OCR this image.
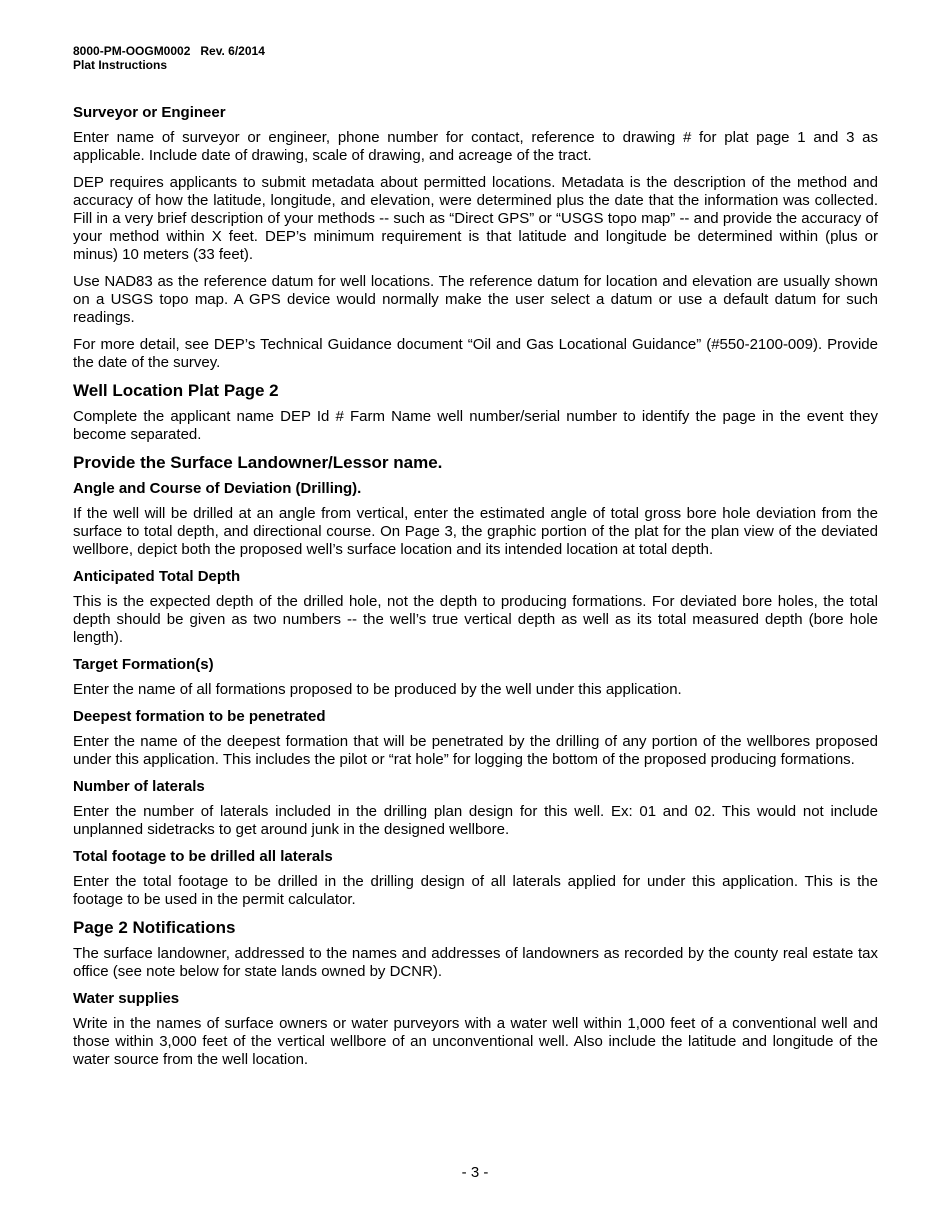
8000-PM-OOGM0002   Rev. 6/2014
Plat Instructions
Surveyor or Engineer

Enter name of surveyor or engineer, phone number for contact, reference to drawing # for plat page 1 and 3 as applicable. Include date of drawing, scale of drawing, and acreage of the tract.

DEP requires applicants to submit metadata about permitted locations. Metadata is the description of the method and accuracy of how the latitude, longitude, and elevation, were determined plus the date that the information was collected. Fill in a very brief description of your methods -- such as “Direct GPS” or “USGS topo map” -- and provide the accuracy of your method within X feet. DEP’s minimum requirement is that latitude and longitude be determined within (plus or minus) 10 meters (33 feet).

Use NAD83 as the reference datum for well locations. The reference datum for location and elevation are usually shown on a USGS topo map. A GPS device would normally make the user select a datum or use a default datum for such readings.

For more detail, see DEP’s Technical Guidance document “Oil and Gas Locational Guidance” (#550-2100-009). Provide the date of the survey.

Well Location Plat Page 2

Complete the applicant name DEP Id # Farm Name well number/serial number to identify the page in the event they become separated.

Provide the Surface Landowner/Lessor name.
Angle and Course of Deviation (Drilling).

If the well will be drilled at an angle from vertical, enter the estimated angle of total gross bore hole deviation from the surface to total depth, and directional course. On Page 3, the graphic portion of the plat for the plan view of the deviated wellbore, depict both the proposed well’s surface location and its intended location at total depth.

Anticipated Total Depth

This is the expected depth of the drilled hole, not the depth to producing formations. For deviated bore holes, the total depth should be given as two numbers -- the well’s true vertical depth as well as its total measured depth (bore hole length).

Target Formation(s)

Enter the name of all formations proposed to be produced by the well under this application.

Deepest formation to be penetrated

Enter the name of the deepest formation that will be penetrated by the drilling of any portion of the wellbores proposed under this application. This includes the pilot or “rat hole” for logging the bottom of the proposed producing formations.

Number of laterals

Enter the number of laterals included in the drilling plan design for this well. Ex: 01 and 02. This would not include unplanned sidetracks to get around junk in the designed wellbore.

Total footage to be drilled all laterals

Enter the total footage to be drilled in the drilling design of all laterals applied for under this application. This is the footage to be used in the permit calculator.

Page 2 Notifications

The surface landowner, addressed to the names and addresses of landowners as recorded by the county real estate tax office (see note below for state lands owned by DCNR).

Water supplies

Write in the names of surface owners or water purveyors with a water well within 1,000 feet of a conventional well and those within 3,000 feet of the vertical wellbore of an unconventional well. Also include the latitude and longitude of the water source from the well location.

- 3 -
